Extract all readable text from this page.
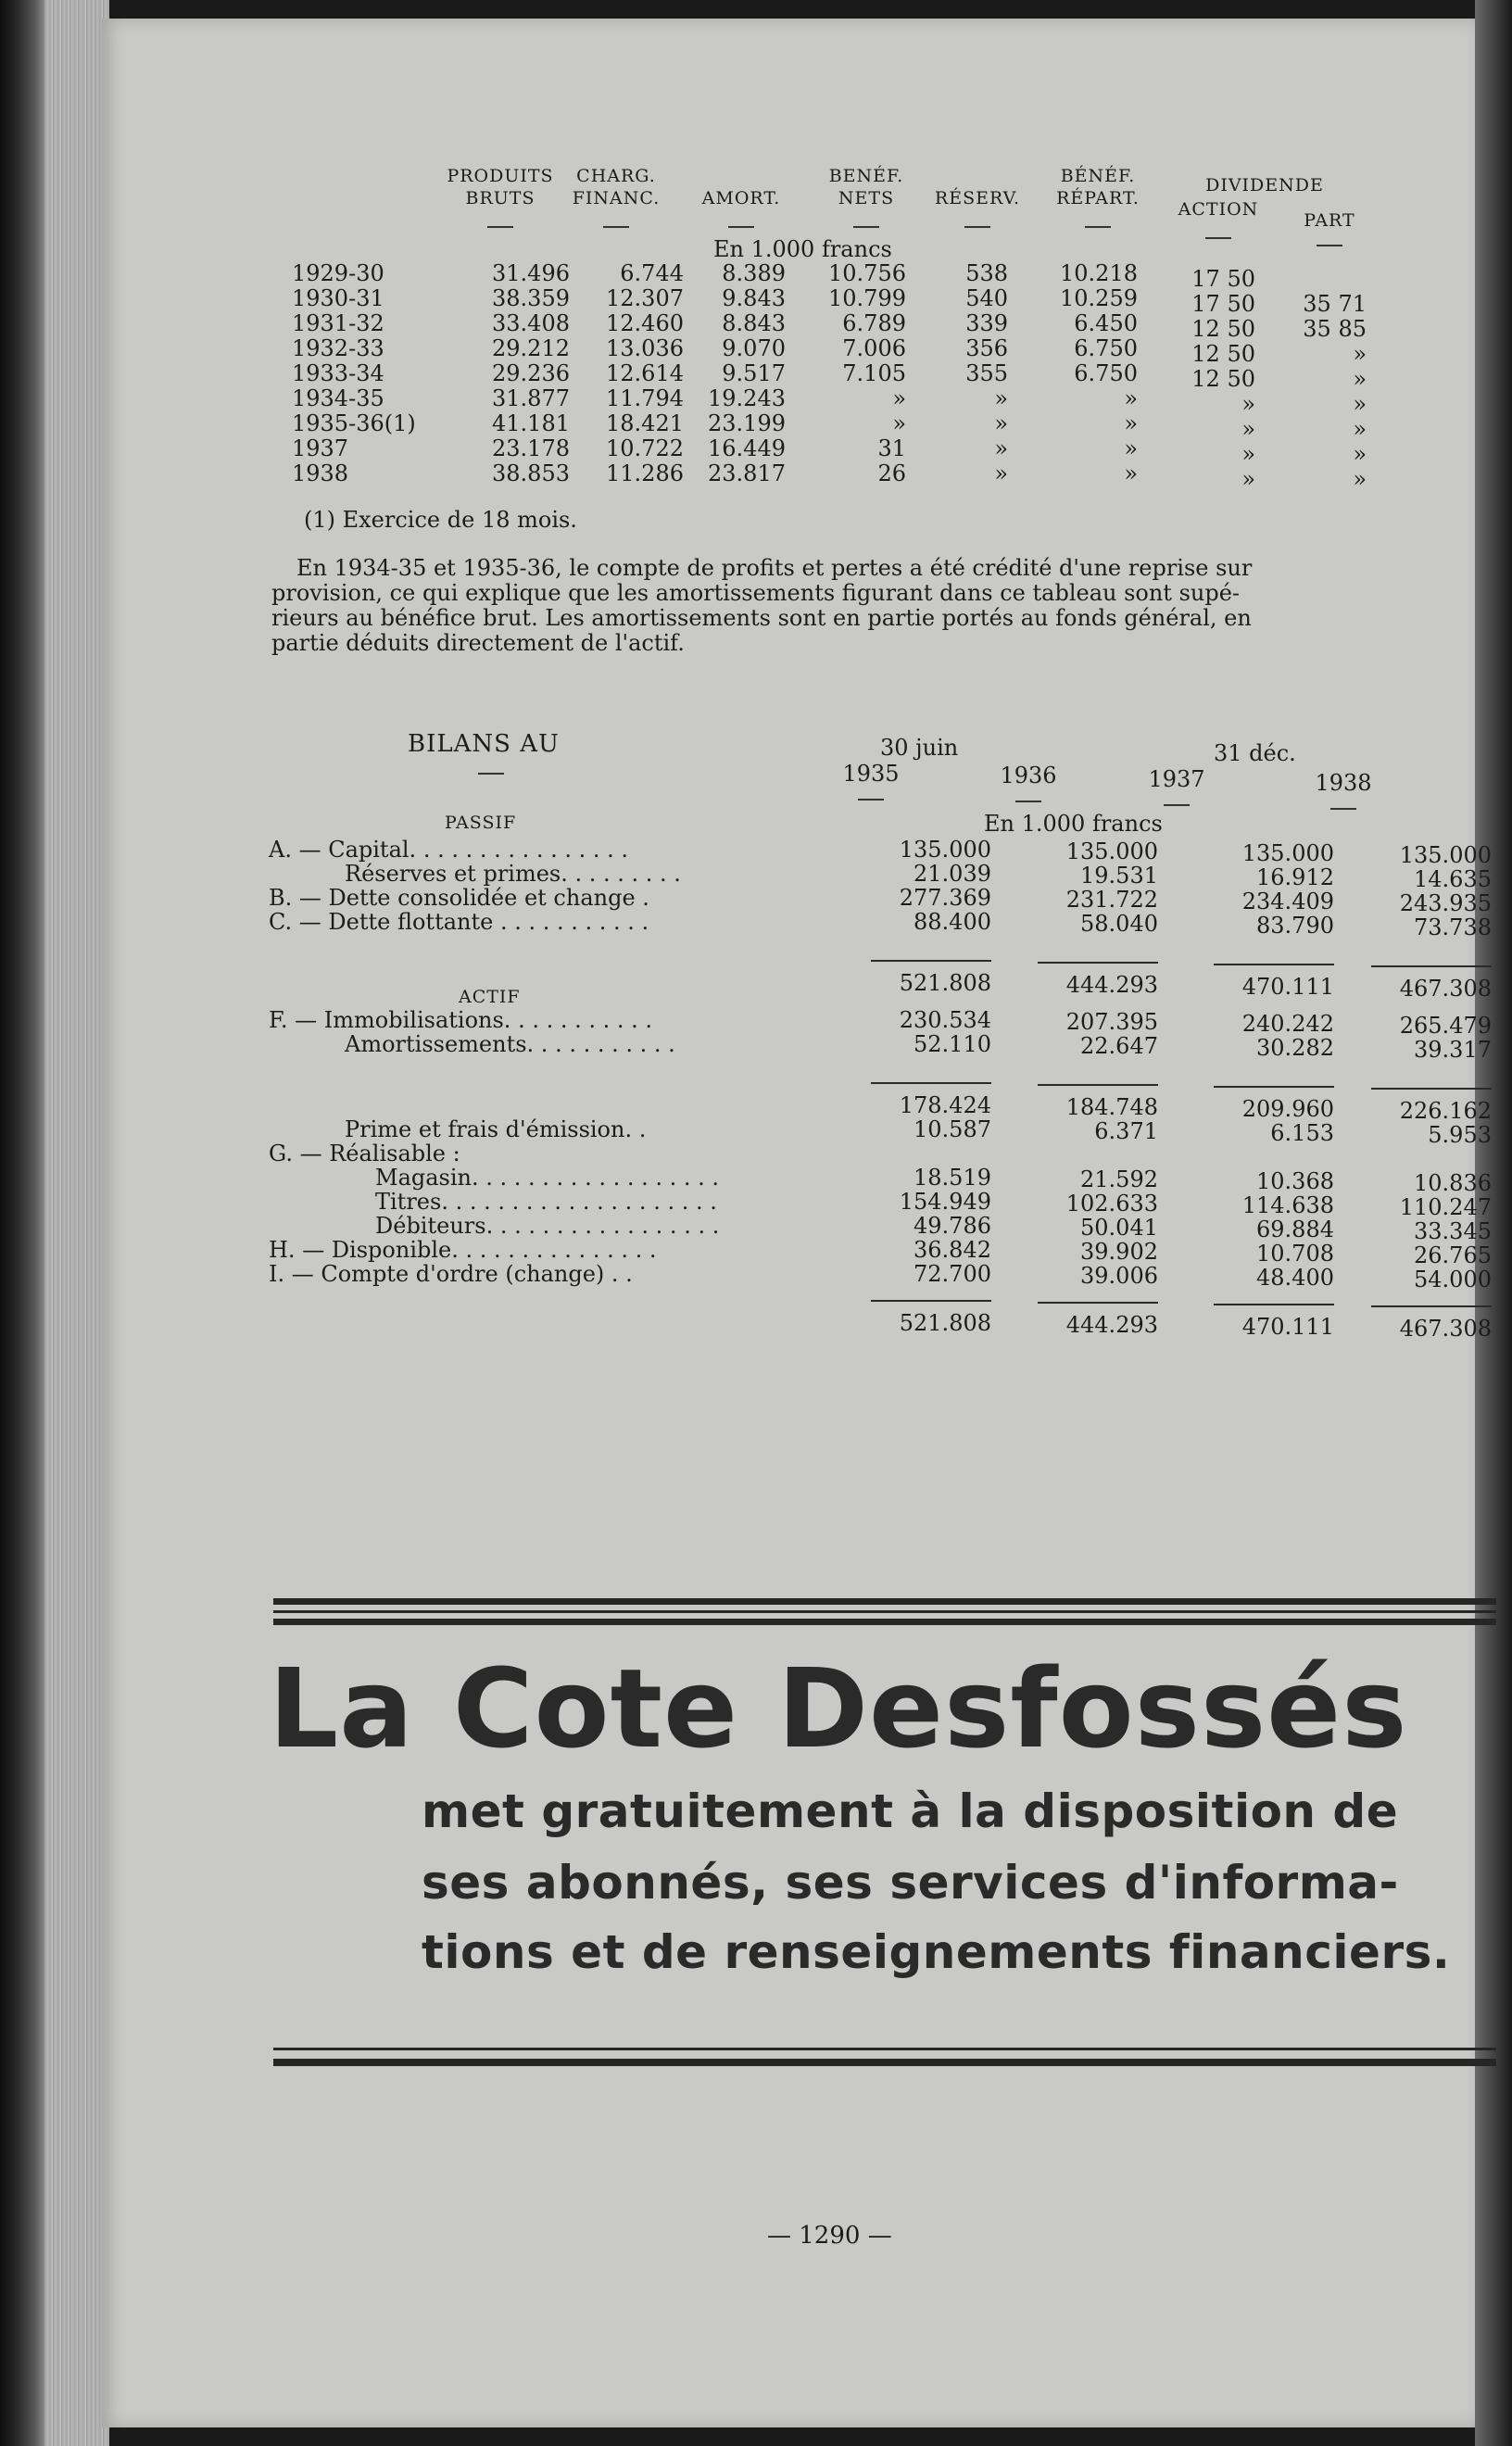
PRODUITS
BRUTS
CHARG.
FINANC.	AMORT.
BENÉF.
NETS	RÉSERV.
BÉNÉF.
RÉPART.
DIVIDENDE
ACTION
PART
En 1.000 francs
1929-30	31.496	6.744	8.389	10.756	538	10.218	17 50
1930-31	38.359	12.307	9.843	10.799	540	10.259	17 50	35 71
1931-32	33.408	12.460	8.843	6.789	339	6.450	12 50	35 85
1932-33	29.212	13.036	9.070	7.006	356	6.750	12 50	»
1933-34	29.236	12.614	9.517	7.105	355	6.750	12 50	»
1934-35	31.877	11.794	19.243	»	»	»	»	»
1935-36(1)	41.181	18.421	23.199	»	»	»	»	»
1937	23.178	10.722	16.449	31	»	»	»	»
1938	38.853	11.286	23.817	26	»	»	»	»
(1) Exercice de 18 mois.
En 1934-35 et 1935-36, le compte de profits et pertes a été crédité d'une reprise sur
provision, ce qui explique que les amortissements figurant dans ce tableau sont supé-
rieurs au bénéfice brut. Les amortissements sont en partie portés au fonds général, en
partie déduits directement de l'actif.
BILANS AU	30 juin	31 déc.
1935	1936	1937	1938
PASSIF	En 1.000 francs
A. — Capital. . . . . . . . . . . . . . . .	135.000	135.000	135.000	135.000
Réserves et primes. . . . . . . . .	21.039	19.531	16.912	14.635
B. — Dette consolidée et change .	277.369	231.722	234.409	243.935
C. — Dette flottante . . . . . . . . . . .	88.400	58.040	83.790	73.738
521.808	444.293	470.111	467.308
ACTIF
F. — Immobilisations. . . . . . . . . . .	230.534	207.395	240.242	265.479
Amortissements. . . . . . . . . . .	52.110	22.647	30.282	39.317
178.424	184.748	209.960	226.162
Prime et frais d'émission. .	10.587	6.371	6.153	5.953
G. — Réalisable :
Magasin. . . . . . . . . . . . . . . . . .	18.519	21.592	10.368	10.836
Titres. . . . . . . . . . . . . . . . . . . .	154.949	102.633	114.638	110.247
Débiteurs. . . . . . . . . . . . . . . . .	49.786	50.041	69.884	33.345
H. — Disponible. . . . . . . . . . . . . . .	36.842	39.902	10.708	26.765
I. — Compte d'ordre (change) . .	72.700	39.006	48.400	54.000
521.808	444.293	470.111	467.308
La Cote Desfossés
met gratuitement à la disposition de
ses abonnés, ses services d'informa-
tions et de renseignements financiers.
— 1290 —
